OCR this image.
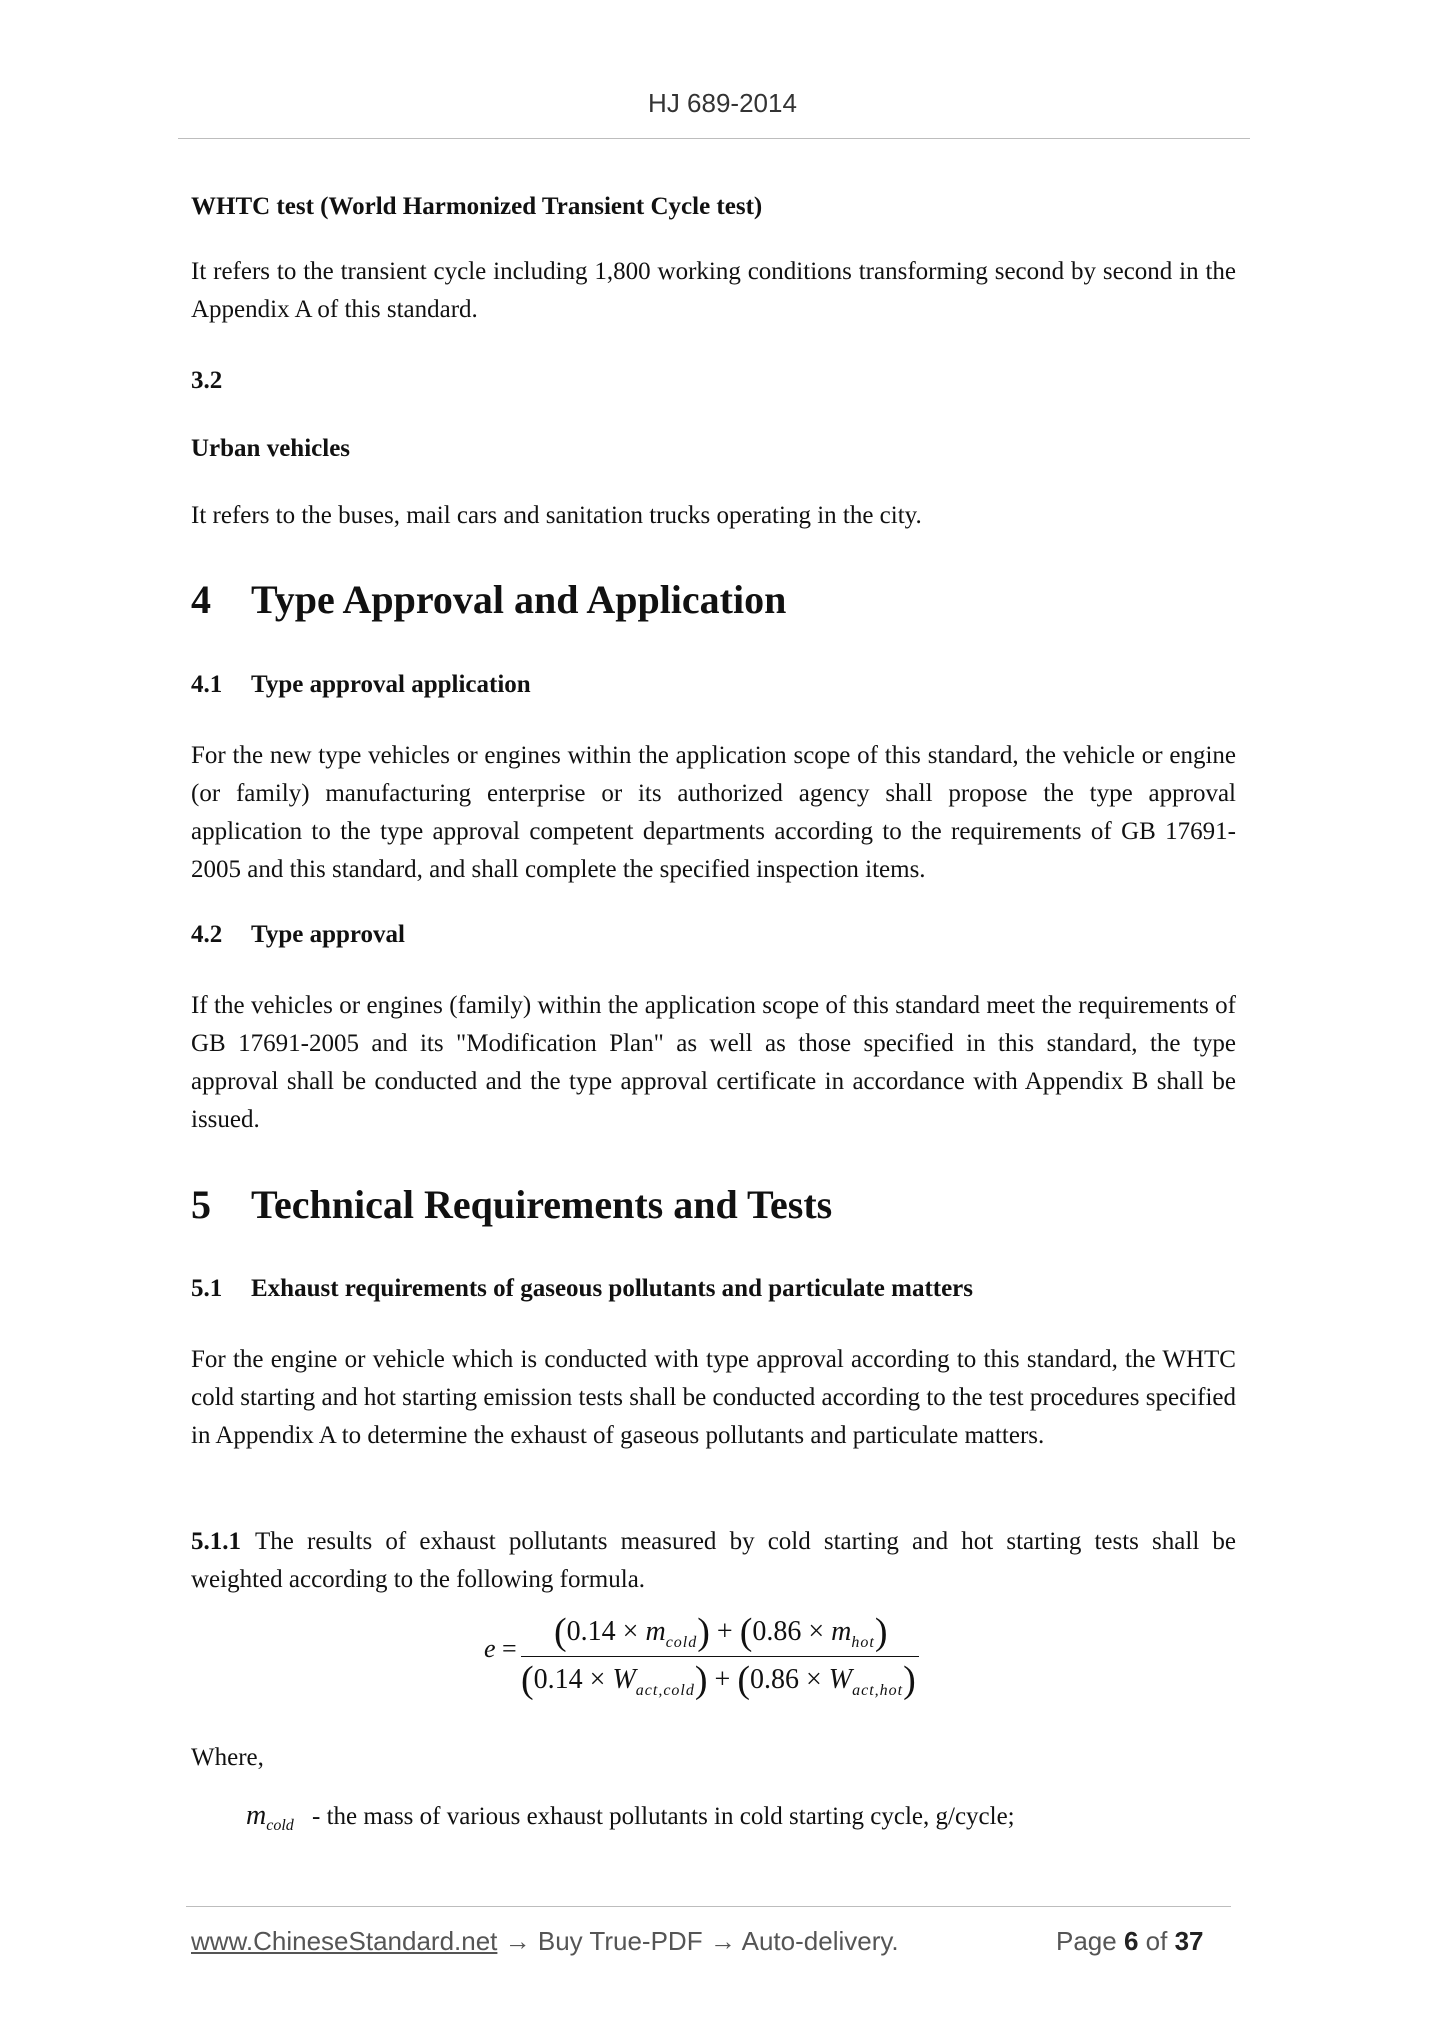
HJ 689-2014
WHTC test (World Harmonized Transient Cycle test)
It refers to the transient cycle including 1,800 working conditions transforming second by second in the Appendix A of this standard.
3.2
Urban vehicles
It refers to the buses, mail cars and sanitation trucks operating in the city.
4 Type Approval and Application
4.1 Type approval application
For the new type vehicles or engines within the application scope of this standard, the vehicle or engine (or family) manufacturing enterprise or its authorized agency shall propose the type approval application to the type approval competent departments according to the requirements of GB 17691-2005 and this standard, and shall complete the specified inspection items.
4.2 Type approval
If the vehicles or engines (family) within the application scope of this standard meet the requirements of GB 17691-2005 and its "Modification Plan" as well as those specified in this standard, the type approval shall be conducted and the type approval certificate in accordance with Appendix B shall be issued.
5 Technical Requirements and Tests
5.1 Exhaust requirements of gaseous pollutants and particulate matters
For the engine or vehicle which is conducted with type approval according to this standard, the WHTC cold starting and hot starting emission tests shall be conducted according to the test procedures specified in Appendix A to determine the exhaust of gaseous pollutants and particulate matters.
5.1.1 The results of exhaust pollutants measured by cold starting and hot starting tests shall be weighted according to the following formula.
$e = (0.14 \times m_{cold}) + (0.86 \times m_{hot})$
$(0.14 \times W_{act,cold}) + (0.86 \times W_{act,hot})$
Where,
$m_{cold}$ - the mass of various exhaust pollutants in cold starting cycle, g/cycle;
www.ChineseStandard.net → Buy True-PDF → Auto-delivery.	Page 6 of 37
